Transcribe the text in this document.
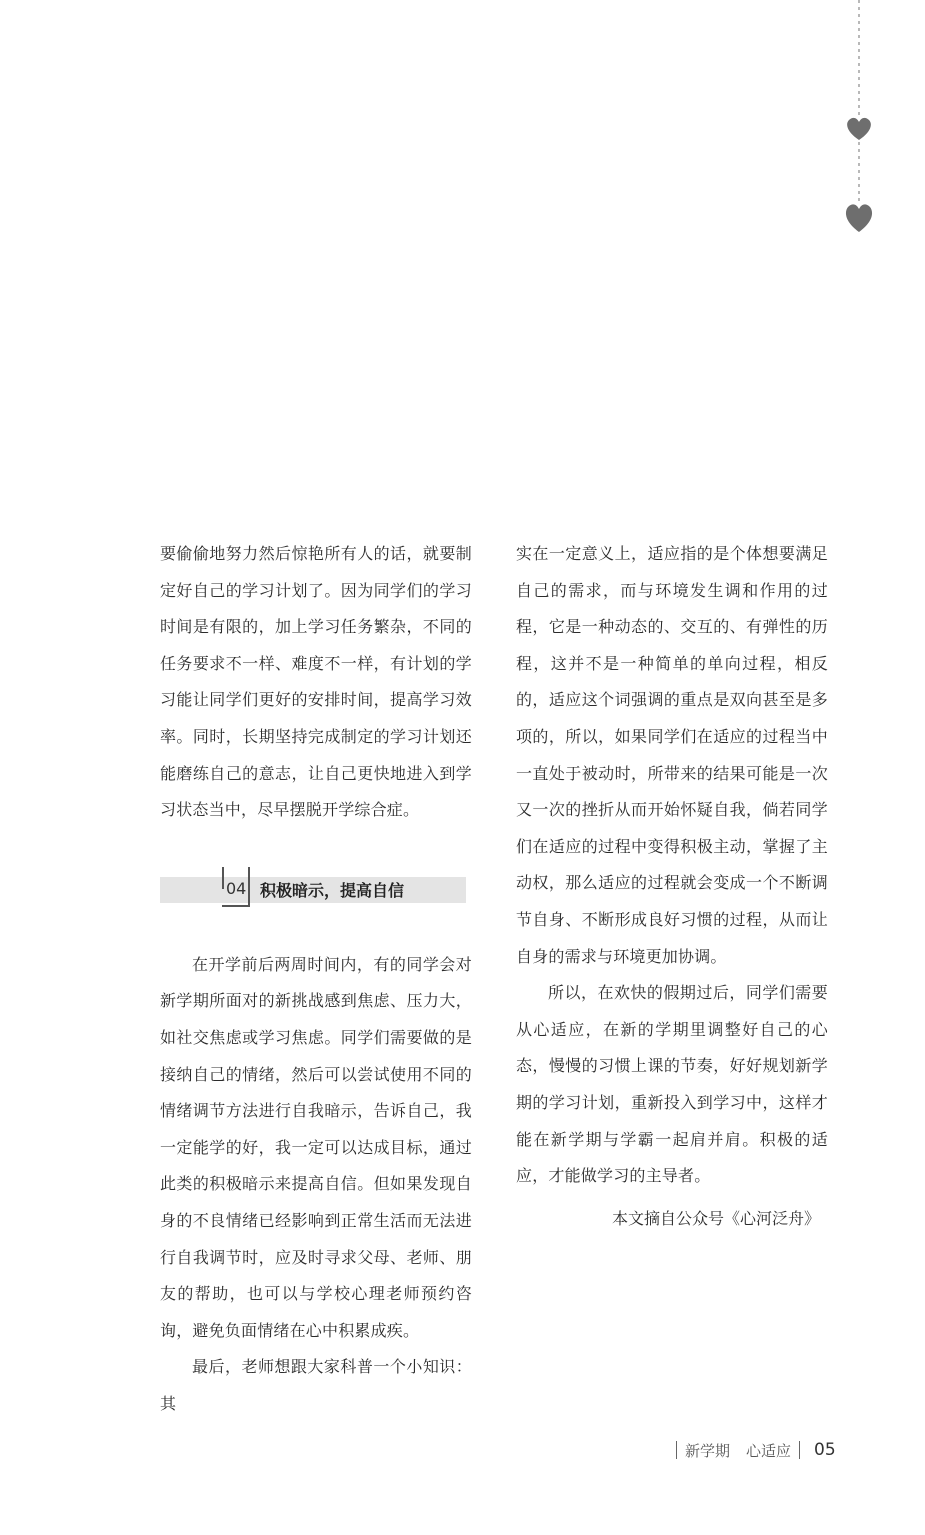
要偷偷地努力然后惊艳所有人的话，就要制定好自己的学习计划了。因为同学们的学习时间是有限的，加上学习任务繁杂，不同的任务要求不一样、难度不一样，有计划的学习能让同学们更好的安排时间，提高学习效率。同时，长期坚持完成制定的学习计划还能磨练自己的意志，让自己更快地进入到学习状态当中，尽早摆脱开学综合症。

04 积极暗示，提高自信

在开学前后两周时间内，有的同学会对新学期所面对的新挑战感到焦虑、压力大，如社交焦虑或学习焦虑。同学们需要做的是接纳自己的情绪，然后可以尝试使用不同的情绪调节方法进行自我暗示，告诉自己，我一定能学的好，我一定可以达成目标，通过此类的积极暗示来提高自信。但如果发现自身的不良情绪已经影响到正常生活而无法进行自我调节时，应及时寻求父母、老师、朋友的帮助，也可以与学校心理老师预约咨询，避免负面情绪在心中积累成疾。

最后，老师想跟大家科普一个小知识：其

实在一定意义上，适应指的是个体想要满足自己的需求，而与环境发生调和作用的过程，它是一种动态的、交互的、有弹性的历程，这并不是一种简单的单向过程，相反的，适应这个词强调的重点是双向甚至是多项的，所以，如果同学们在适应的过程当中一直处于被动时，所带来的结果可能是一次又一次的挫折从而开始怀疑自我，倘若同学们在适应的过程中变得积极主动，掌握了主动权，那么适应的过程就会变成一个不断调节自身、不断形成良好习惯的过程，从而让自身的需求与环境更加协调。

所以，在欢快的假期过后，同学们需要从心适应，在新的学期里调整好自己的心态，慢慢的习惯上课的节奏，好好规划新学期的学习计划，重新投入到学习中，这样才能在新学期与学霸一起肩并肩。积极的适应，才能做学习的主导者。

本文摘自公众号《心河泛舟》

新学期 心适应 05
